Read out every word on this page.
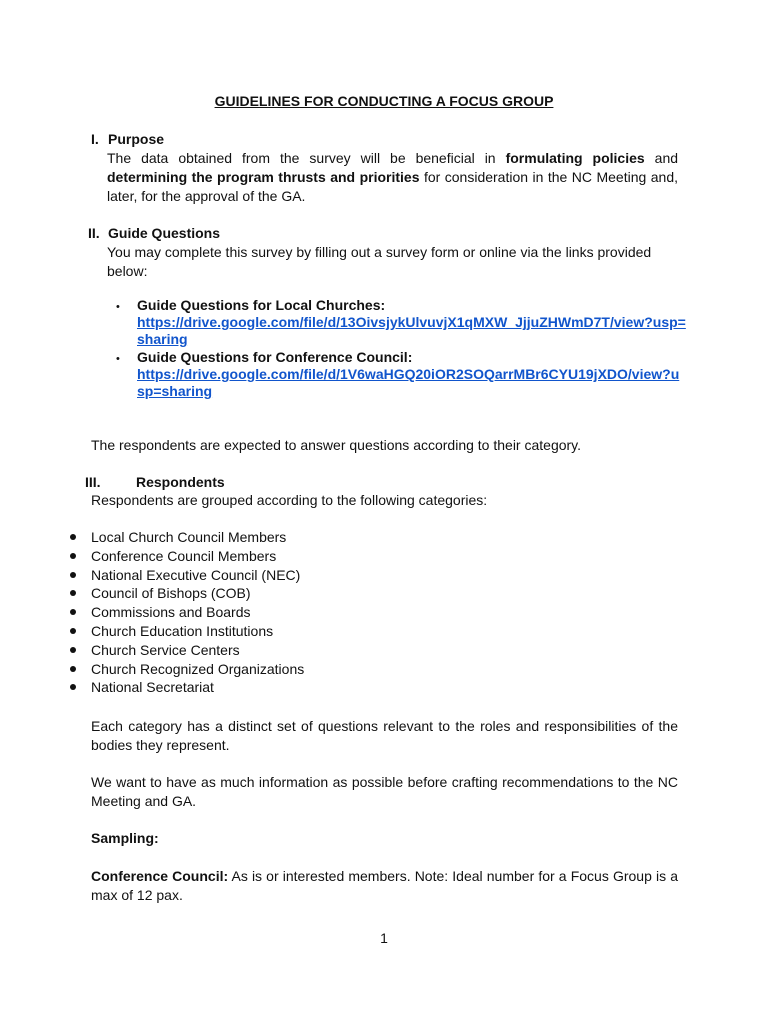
GUIDELINES FOR CONDUCTING A FOCUS GROUP
I. Purpose
The data obtained from the survey will be beneficial in formulating policies and determining the program thrusts and priorities for consideration in the NC Meeting and, later, for the approval of the GA.
II. Guide Questions
You may complete this survey by filling out a survey form or online via the links provided below:
• Guide Questions for Local Churches:
https://drive.google.com/file/d/13OivsjykUlvuvjX1qMXW_JjjuZHWmD7T/view?usp=
sharing
• Guide Questions for Conference Council:
https://drive.google.com/file/d/1V6waHGQ20iOR2SOQarrMBr6CYU19jXDO/view?u
sp=sharing
The respondents are expected to answer questions according to their category.
III.	Respondents
Respondents are grouped according to the following categories:
Local Church Council Members
Conference Council Members
National Executive Council (NEC)
Council of Bishops (COB)
Commissions and Boards
Church Education Institutions
Church Service Centers
Church Recognized Organizations
National Secretariat
Each category has a distinct set of questions relevant to the roles and responsibilities of the bodies they represent.
We want to have as much information as possible before crafting recommendations to the NC Meeting and GA.
Sampling:
Conference Council: As is or interested members. Note: Ideal number for a Focus Group is a max of 12 pax.
1
